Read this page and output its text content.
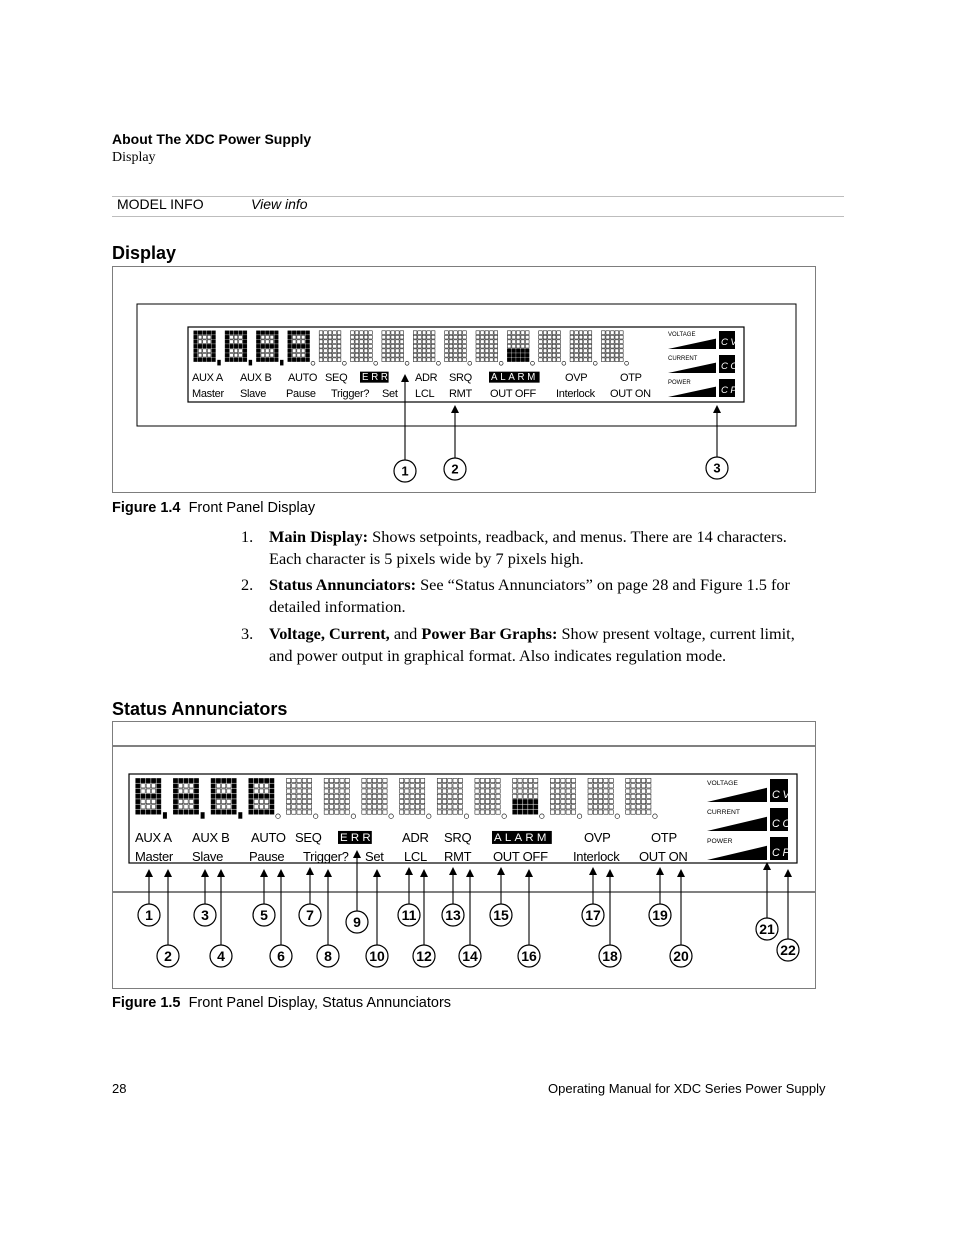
About The XDC Power Supply
Display
MODEL INFO	View info
Display
AUX A AUX B AUTO SEQ ERR ADR SRQ ALARM OVP	OTP
Master Slave Pause Trigger? Set LCL RMT OUT OFF Interlock OUT ON
VOLTAGE
CV
CURRENT
CC
POWER
CP
1	2	3
Figure 1.4 Front Panel Display
1. Main Display: Shows setpoints, readback, and menus. There are 14 characters. Each character is 5 pixels wide by 7 pixels high.
2. Status Annunciators: See “Status Annunciators” on page 28 and Figure 1.5 for detailed information.
3. Voltage, Current, and Power Bar Graphs: Show present voltage, current limit, and power output in graphical format. Also indicates regulation mode.
Status Annunciators
AUX A AUX B AUTO SEQ ERR ADR SRQ ALARM	OVP	OTP
Master Slave Pause Trigger? Set LCL RMT OUT OFF Interlock OUT ON
VOLTAGE
CV
CURRENT
CC
POWER
CP
1
2
3
4
5
6
7
8
9
10
11
12
13
14
15
16
17
18
19
20
21
22
Figure 1.5 Front Panel Display, Status Annunciators
28	Operating Manual for XDC Series Power Supply
